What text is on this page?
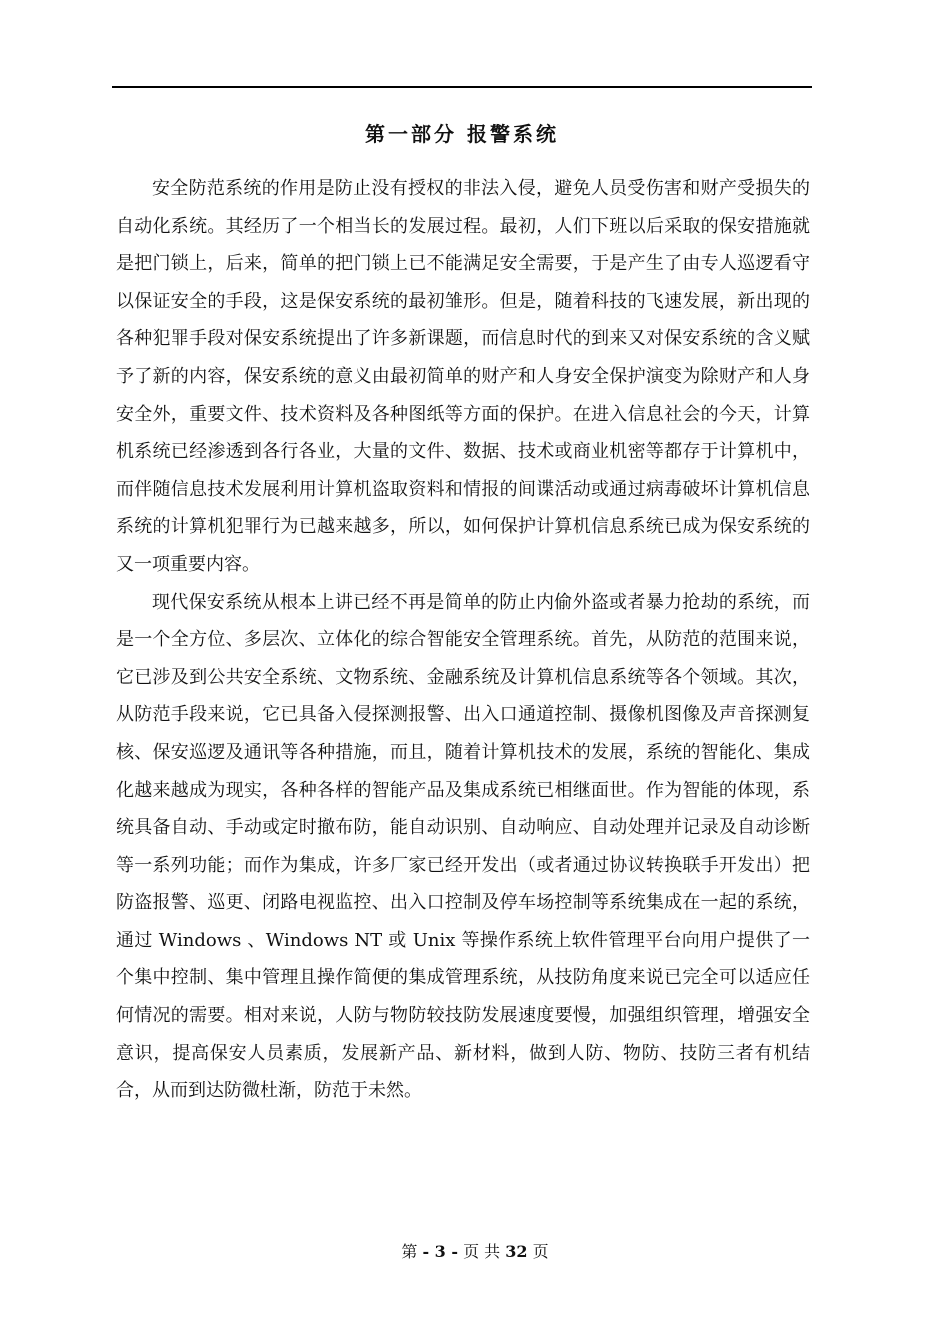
第一部分 报警系统

安全防范系统的作用是防止没有授权的非法入侵，避免人员受伤害和财产受损失的自动化系统。其经历了一个相当长的发展过程。最初，人们下班以后采取的保安措施就是把门锁上，后来，简单的把门锁上已不能满足安全需要，于是产生了由专人巡逻看守以保证安全的手段，这是保安系统的最初雏形。但是，随着科技的飞速发展，新出现的各种犯罪手段对保安系统提出了许多新课题，而信息时代的到来又对保安系统的含义赋予了新的内容，保安系统的意义由最初简单的财产和人身安全保护演变为除财产和人身安全外，重要文件、技术资料及各种图纸等方面的保护。在进入信息社会的今天，计算机系统已经渗透到各行各业，大量的文件、数据、技术或商业机密等都存于计算机中，而伴随信息技术发展利用计算机盗取资料和情报的间谍活动或通过病毒破坏计算机信息系统的计算机犯罪行为已越来越多，所以，如何保护计算机信息系统已成为保安系统的又一项重要内容。

现代保安系统从根本上讲已经不再是简单的防止内偷外盗或者暴力抢劫的系统，而是一个全方位、多层次、立体化的综合智能安全管理系统。首先，从防范的范围来说，它已涉及到公共安全系统、文物系统、金融系统及计算机信息系统等各个领域。其次，从防范手段来说，它已具备入侵探测报警、出入口通道控制、摄像机图像及声音探测复核、保安巡逻及通讯等各种措施，而且，随着计算机技术的发展，系统的智能化、集成化越来越成为现实，各种各样的智能产品及集成系统已相继面世。作为智能的体现，系统具备自动、手动或定时撤布防，能自动识别、自动响应、自动处理并记录及自动诊断等一系列功能；而作为集成，许多厂家已经开发出（或者通过协议转换联手开发出）把防盗报警、巡更、闭路电视监控、出入口控制及停车场控制等系统集成在一起的系统，通过 Windows 、Windows NT 或 Unix 等操作系统上软件管理平台向用户提供了一个集中控制、集中管理且操作简便的集成管理系统，从技防角度来说已完全可以适应任何情况的需要。相对来说，人防与物防较技防发展速度要慢，加强组织管理，增强安全意识，提高保安人员素质，发展新产品、新材料，做到人防、物防、技防三者有机结合，从而到达防微杜渐，防范于未然。

第 - 3 - 页 共 32 页
